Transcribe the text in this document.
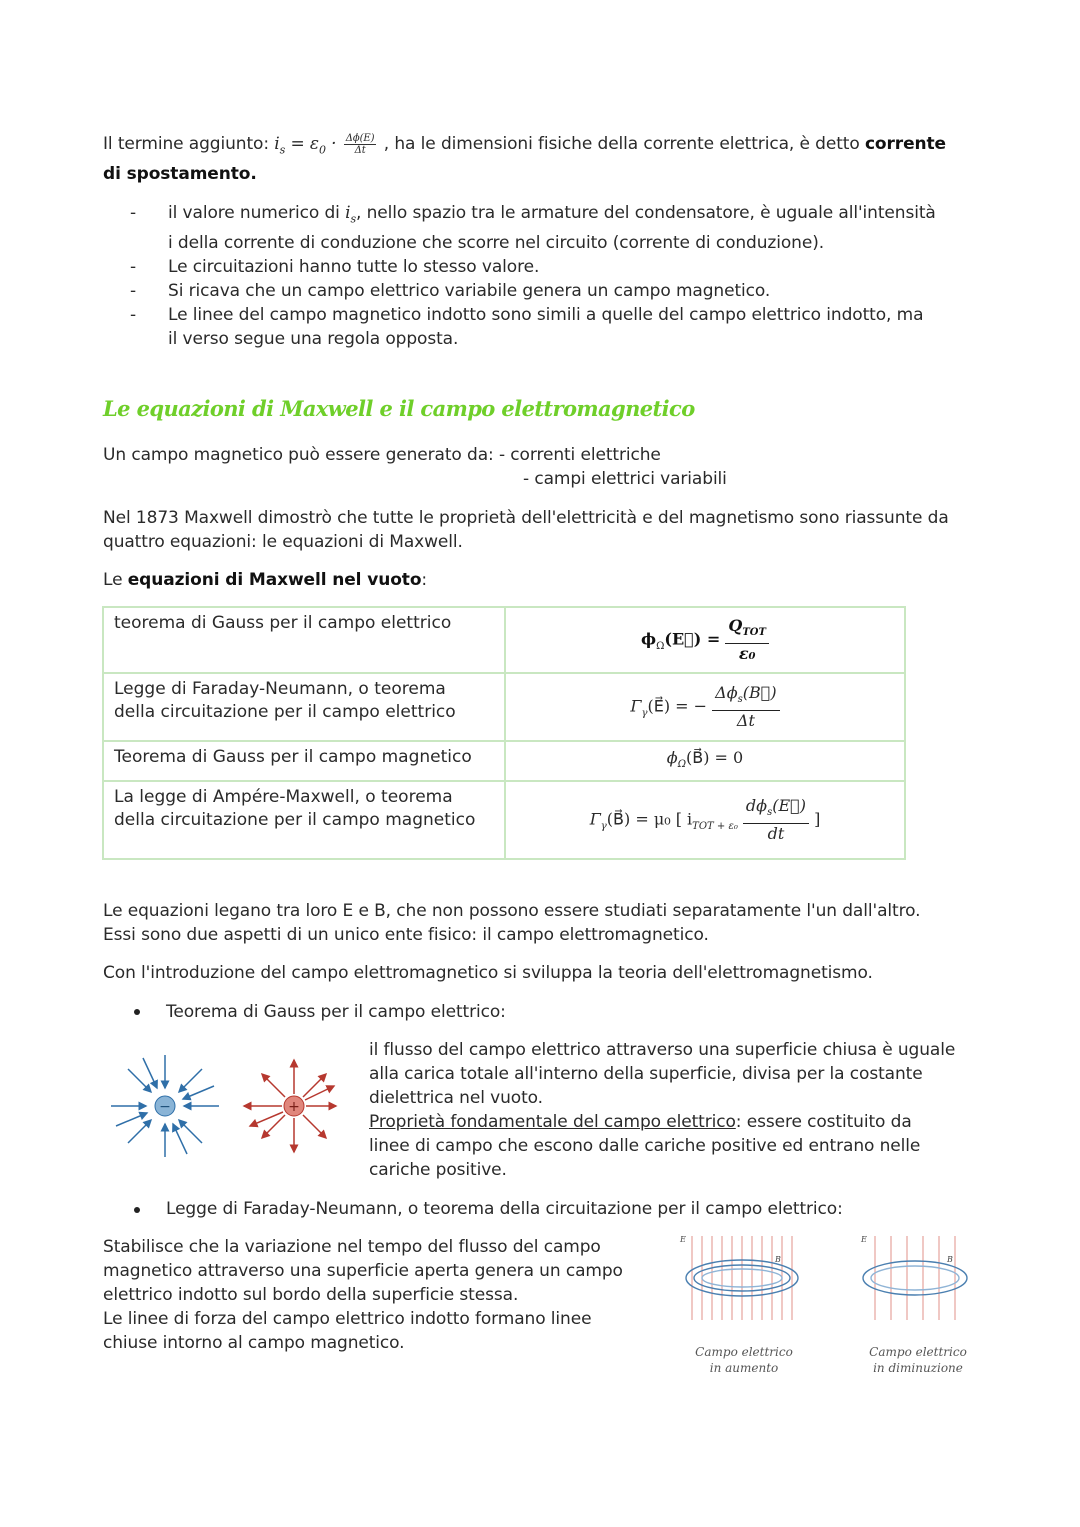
Il termine aggiunto: $i_s = \varepsilon_0 \cdot \frac{\Delta\phi(E)}{\Delta t}$ , ha le dimensioni fisiche della corrente elettrica, è detto corrente
di spostamento.
- il valore numerico di $i_s$, nello spazio tra le armature del condensatore, è uguale all'intensità
i della corrente di conduzione che scorre nel circuito (corrente di conduzione).
- Le circuitazioni hanno tutte lo stesso valore.
- Si ricava che un campo elettrico variabile genera un campo magnetico.
- Le linee del campo magnetico indotto sono simili a quelle del campo elettrico indotto, ma
il verso segue una regola opposta.
Le equazioni di Maxwell e il campo elettromagnetico
Un campo magnetico può essere generato da: - correnti elettriche
- campi elettrici variabili
Nel 1873 Maxwell dimostrò che tutte le proprietà dell'elettricità e del magnetismo sono riassunte da
quattro equazioni: le equazioni di Maxwell.
Le equazioni di Maxwell nel vuoto:
teorema di Gauss per il campo elettrico	$\phi_\Omega(E⃗) = \frac{Q_{TOT}}{\text{ε₀}}$

Legge di Faraday-Neumann, o teorema
della circuitazione per il campo elettrico	$\Gamma_\gamma(E⃗)$ = − $\frac{\Delta\phi_s(B⃗)}{\Delta t}$

Teorema di Gauss per il campo magnetico	$\phi_\Omega(B⃗) = 0$
La legge di Ampére-Maxwell, o teorema
della circuitazione per il campo magnetico	$\Gamma_\gamma(B⃗) = \mu_0$ [ $i_{TOT + \varepsilon_0} \frac{d\phi_s(E⃗)}{dt}$ ]
Le equazioni legano tra loro E e B, che non possono essere studiati separatamente l'un dall'altro.
Essi sono due aspetti di un unico ente fisico: il campo elettromagnetico.
Con l'introduzione del campo elettromagnetico si sviluppa la teoria dell'elettromagnetismo.
Teorema di Gauss per il campo elettrico:
−	+
il flusso del campo elettrico attraverso una superficie chiusa è uguale
alla carica totale all'interno della superficie, divisa per la costante
dielettrica nel vuoto.
Proprietà fondamentale del campo elettrico: essere costituito da
linee di campo che escono dalle cariche positive ed entrano nelle
cariche positive.
Legge di Faraday-Neumann, o teorema della circuitazione per il campo elettrico:
Stabilisce che la variazione nel tempo del flusso del campo
magnetico attraverso una superficie aperta genera un campo
elettrico indotto sul bordo della superficie stessa.
Le linee di forza del campo elettrico indotto formano linee
chiuse intorno al campo magnetico.
E
B
Campo elettrico
in aumento
E
B
Campo elettrico
in diminuzione
